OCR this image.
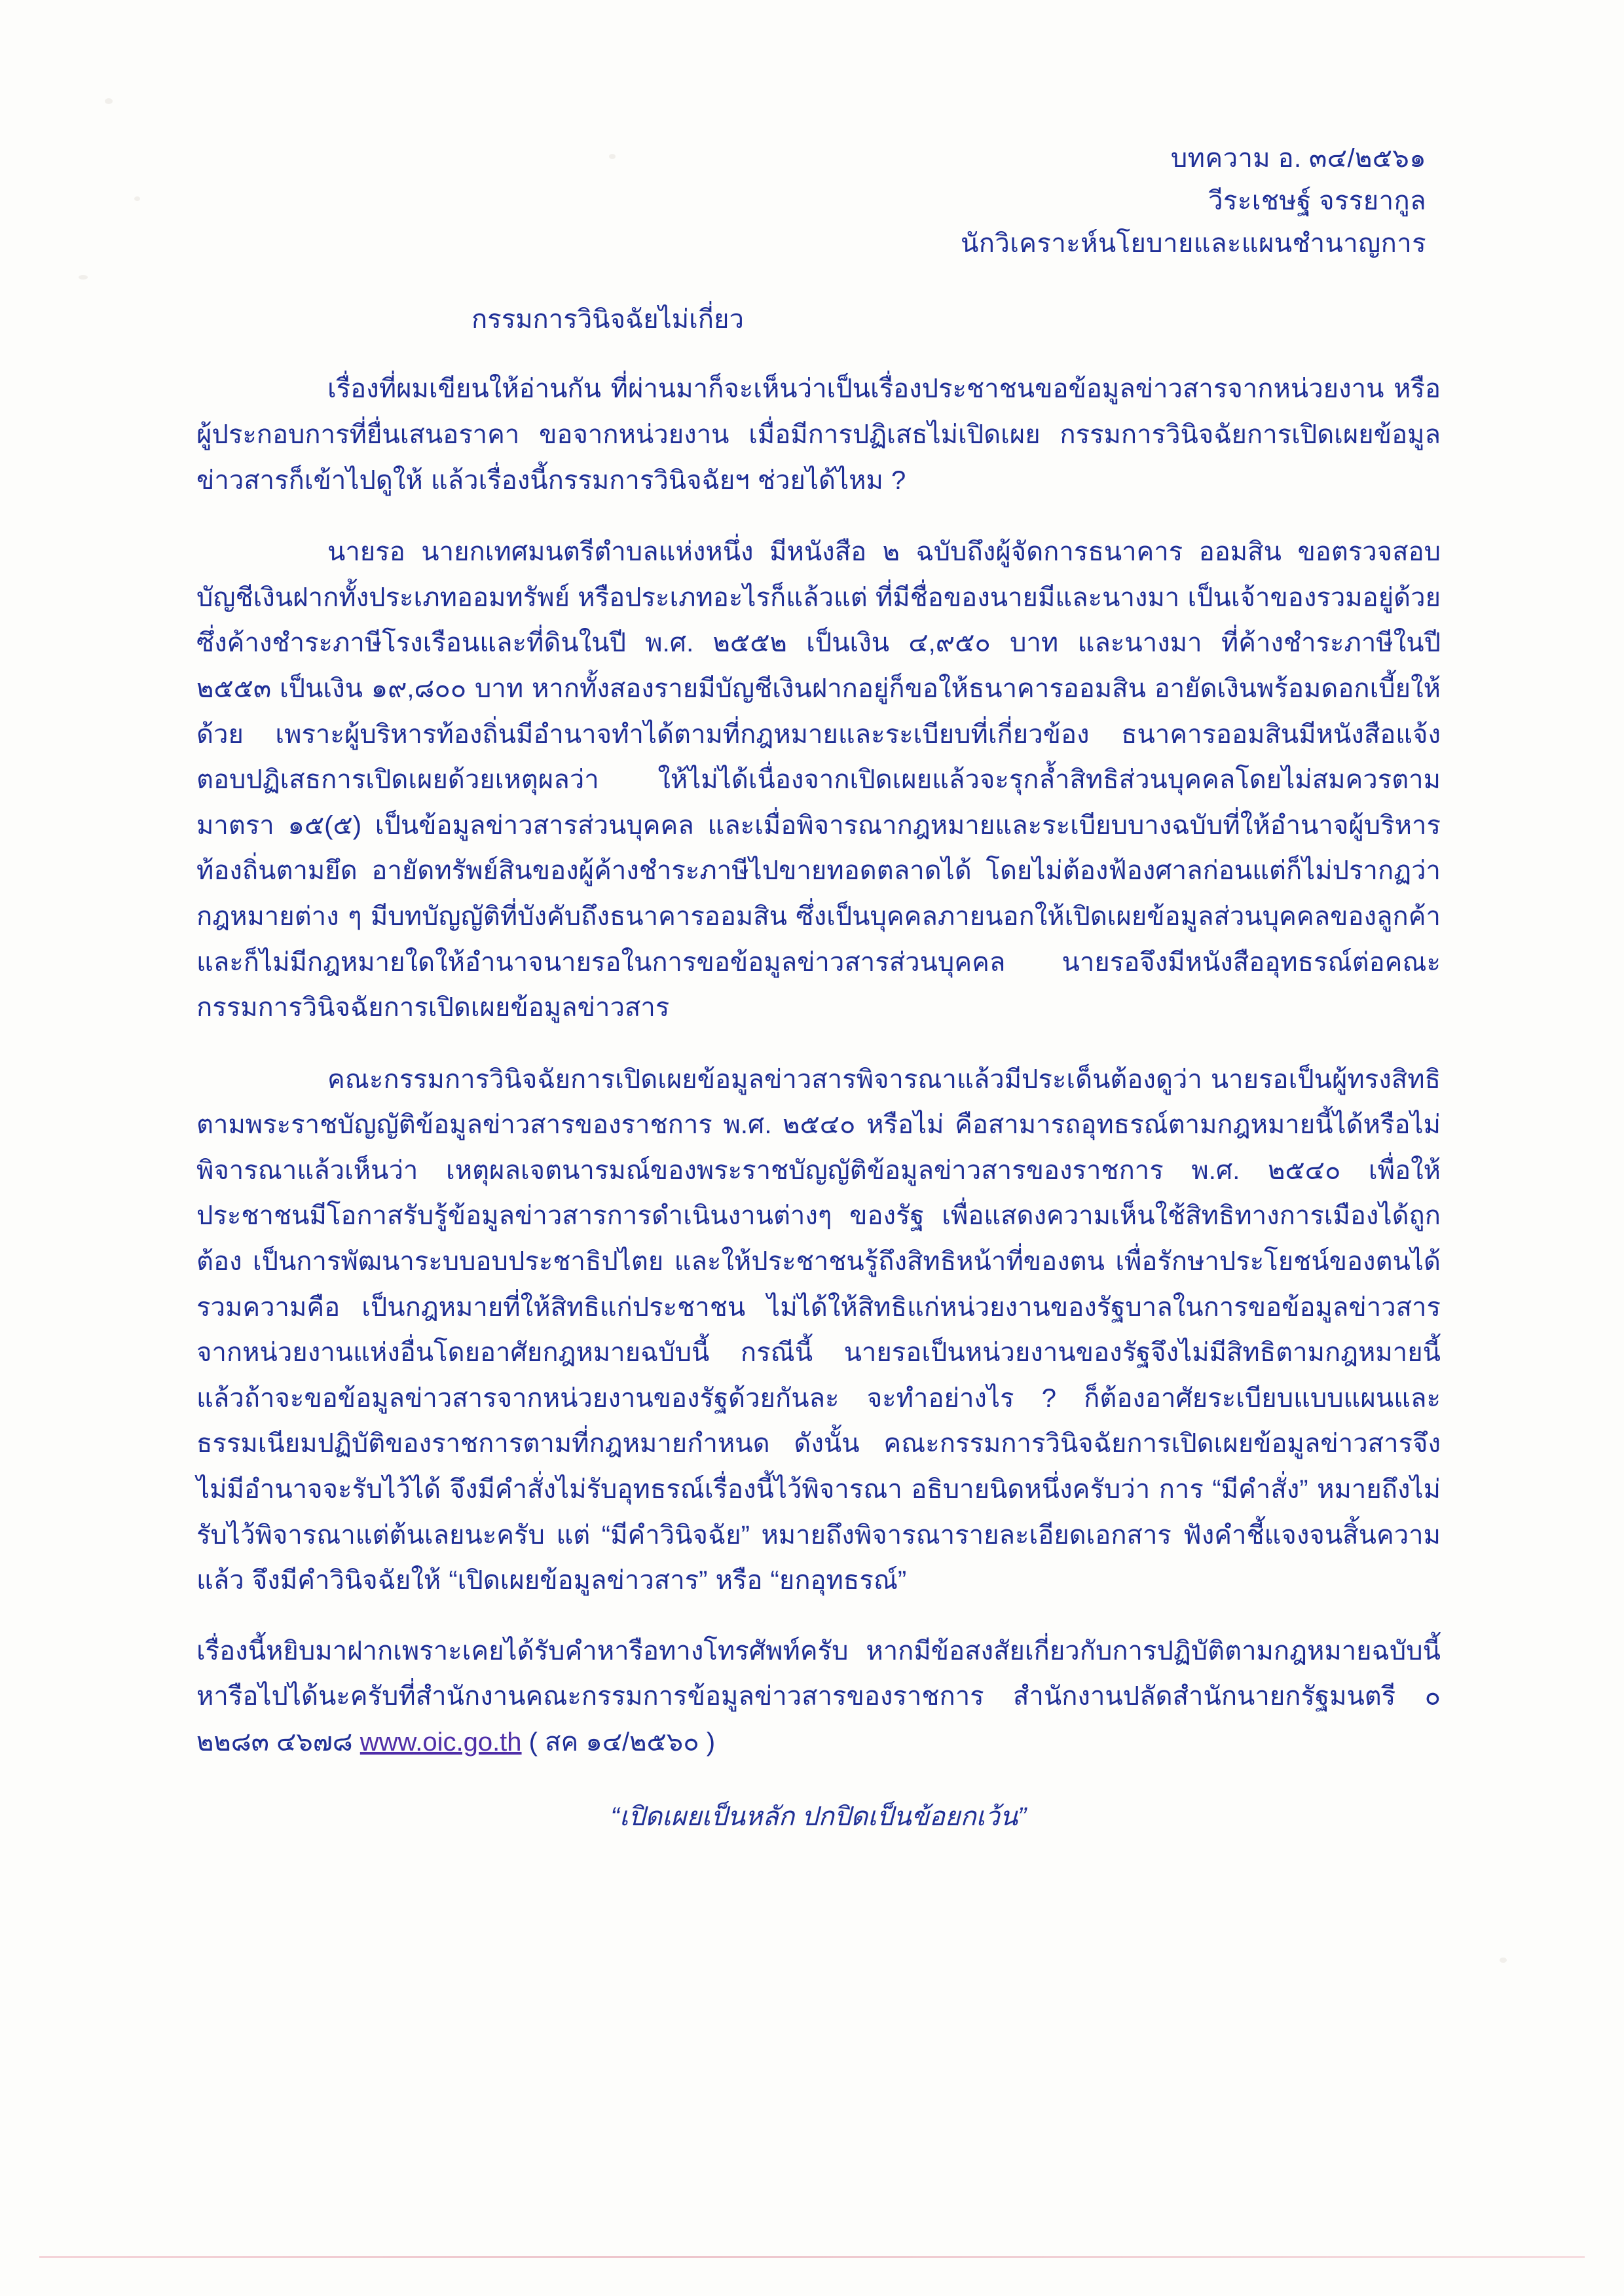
บทความ อ. ๓๔/๒๕๖๑
วีระเชษฐ์ ​จรรยากูล
นักวิเคราะห์นโยบายและแผนชำนาญการ
กรรมการวินิจฉัยไม่เกี่ยว
เรื่องที่ผมเขียนให้อ่านกัน ที่ผ่านมาก็จะเห็นว่าเป็นเรื่องประชาชนขอข้อมูลข่าวสารจากหน่วยงาน หรือผู้ประกอบการที่ยื่นเสนอราคา ขอจากหน่วยงาน เมื่อมีการปฏิเสธไม่เปิดเผย กรรมการวินิจฉัยการเปิดเผยข้อมูลข่าวสารก็เข้าไปดูให้ แล้วเรื่องนี้กรรมการวินิจฉัยฯ ช่วยได้ไหม ?
นายรอ นายกเทศมนตรีตำบลแห่งหนึ่ง มีหนังสือ ๒ ฉบับถึงผู้จัดการธนาคาร ออมสิน ขอตรวจสอบบัญชีเงินฝากทั้งประเภทออมทรัพย์ หรือประเภทอะไรก็แล้วแต่ ที่มีชื่อของนายมีและนางมา เป็นเจ้าของรวมอยู่ด้วย ซึ่งค้างชำระภาษีโรงเรือนและที่ดินในปี พ.ศ. ๒๕๕๒ เป็นเงิน ๔,๙๕๐ บาท และนางมา ที่ค้างชำระภาษีในปี ๒๕๕๓ เป็นเงิน ๑๙,๘๐๐ บาท หากทั้งสองรายมีบัญชีเงินฝากอยู่ก็ขอให้ธนาคารออมสิน อายัดเงินพร้อมดอกเบี้ยให้ด้วย เพราะผู้บริหารท้องถิ่นมีอำนาจทำได้ตามที่กฎหมายและระเบียบที่เกี่ยวข้อง ธนาคารออมสินมีหนังสือแจ้งตอบปฏิเสธการเปิดเผยด้วยเหตุผลว่า ให้ไม่ได้เนื่องจากเปิดเผยแล้วจะรุกล้ำสิทธิส่วนบุคคลโดยไม่สมควรตามมาตรา ๑๕(๕) เป็นข้อมูลข่าวสารส่วนบุคคล และเมื่อพิจารณากฎหมายและระเบียบบางฉบับที่ให้อำนาจผู้บริหารท้องถิ่นตามยึด อายัดทรัพย์สินของผู้ค้างชำระภาษีไปขายทอดตลาดได้ โดยไม่ต้องฟ้องศาลก่อนแต่ก็ไม่ปรากฏว่ากฎหมายต่าง ๆ มีบทบัญญัติที่บังคับถึงธนาคารออมสิน ซึ่งเป็นบุคคลภายนอกให้เปิดเผยข้อมูลส่วนบุคคลของลูกค้า และก็ไม่มีกฎหมายใดให้อำนาจนายรอในการขอข้อมูลข่าวสารส่วนบุคคล นายรอจึงมีหนังสืออุทธรณ์ต่อคณะกรรมการวินิจฉัยการเปิดเผยข้อมูลข่าวสาร
คณะกรรมการวินิจฉัยการเปิดเผยข้อมูลข่าวสารพิจารณาแล้วมีประเด็นต้องดูว่า นายรอเป็นผู้ทรงสิทธิตามพระราชบัญญัติข้อมูลข่าวสารของราชการ พ.ศ. ๒๕๔๐ หรือไม่ คือสามารถอุทธรณ์ตามกฎหมายนี้ได้หรือไม่ พิจารณาแล้วเห็นว่า เหตุผลเจตนารมณ์ของพระราชบัญญัติข้อมูลข่าวสารของราชการ พ.ศ. ๒๕๔๐ เพื่อให้ประชาชนมีโอกาสรับรู้ข้อมูลข่าวสารการดำเนินงานต่างๆ ของรัฐ เพื่อแสดงความเห็นใช้สิทธิทางการเมืองได้ถูกต้อง เป็นการพัฒนาระบบอบประชาธิปไตย และให้ประชาชนรู้ถึงสิทธิหน้าที่ของตน เพื่อรักษาประโยชน์ของตนได้ รวมความคือ เป็นกฎหมายที่ให้สิทธิแก่ประชาชน ไม่ได้ให้สิทธิแก่หน่วยงานของรัฐบาลในการขอข้อมูลข่าวสารจากหน่วยงานแห่งอื่นโดยอาศัยกฎหมายฉบับนี้ กรณีนี้ นายรอเป็นหน่วยงานของรัฐจึงไม่มีสิทธิตามกฎหมายนี้ แล้วถ้าจะขอข้อมูลข่าวสารจากหน่วยงานของรัฐด้วยกันละ จะทำอย่างไร ? ก็ต้องอาศัยระเบียบแบบแผนและธรรมเนียมปฏิบัติของราชการตามที่กฎหมายกำหนด ดังนั้น คณะกรรมการวินิจฉัยการเปิดเผยข้อมูลข่าวสารจึงไม่มีอำนาจจะรับไว้ได้ จึงมีคำสั่งไม่รับอุทธรณ์เรื่องนี้ไว้พิจารณา อธิบายนิดหนึ่งครับว่า การ “มีคำสั่ง” หมายถึงไม่รับไว้พิจารณาแต่ต้นเลยนะครับ แต่ “มีคำวินิจฉัย” หมายถึงพิจารณารายละเอียดเอกสาร ฟังคำชี้แจงจนสิ้นความแล้ว จึงมีคำวินิจฉัยให้ “เปิดเผยข้อมูลข่าวสาร” หรือ “ยกอุทธรณ์”
เรื่องนี้หยิบมาฝากเพราะเคยได้รับคำหารือทางโทรศัพท์ครับ หากมีข้อสงสัยเกี่ยวกับการปฏิบัติตามกฎหมายฉบับนี้ หารือไปได้นะครับที่สำนักงานคณะกรรมการข้อมูลข่าวสารของราชการ สำนักงานปลัดสำนักนายกรัฐมนตรี ๐ ๒๒๘๓ ๔๖๗๘ www.oic.go.th ( สค ๑๔/๒๕๖๐ )
“เปิดเผยเป็นหลัก ปกปิดเป็นข้อยกเว้น”
